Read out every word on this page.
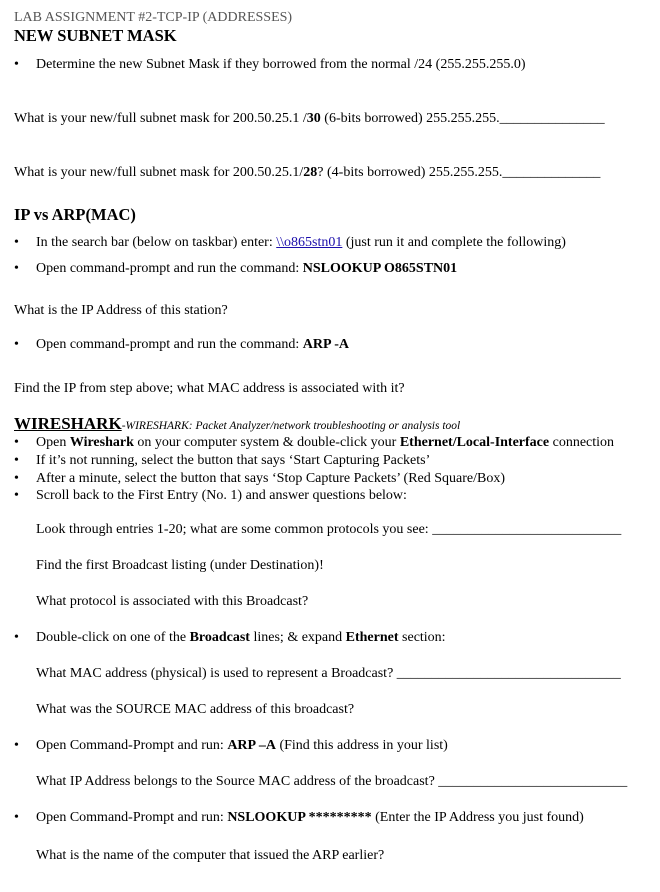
LAB ASSIGNMENT #2-TCP-IP (ADDRESSES)
NEW SUBNET MASK
• Determine the new Subnet Mask if they borrowed from the normal /24 (255.255.255.0)
What is your new/full subnet mask for 200.50.25.1 /30 (6-bits borrowed) 255.255.255._______________
What is your new/full subnet mask for 200.50.25.1/28? (4-bits borrowed) 255.255.255.______________
IP vs ARP(MAC)
• In the search bar (below on taskbar) enter: \\o865stn01 (just run it and complete the following)
• Open command-prompt and run the command: NSLOOKUP O865STN01
What is the IP Address of this station?
• Open command-prompt and run the command: ARP -A
Find the IP from step above; what MAC address is associated with it?
WIRESHARK-WIRESHARK: Packet Analyzer/network troubleshooting or analysis tool
• Open Wireshark on your computer system & double-click your Ethernet/Local-Interface connection
• If it’s not running, select the button that says ‘Start Capturing Packets’
• After a minute, select the button that says ‘Stop Capture Packets’ (Red Square/Box)
• Scroll back to the First Entry (No. 1) and answer questions below:
Look through entries 1-20; what are some common protocols you see: ___________________________
Find the first Broadcast listing (under Destination)!
What protocol is associated with this Broadcast?
• Double-click on one of the Broadcast lines; & expand Ethernet section:
What MAC address (physical) is used to represent a Broadcast? ________________________________
What was the SOURCE MAC address of this broadcast?
• Open Command-Prompt and run: ARP –A (Find this address in your list)
What IP Address belongs to the Source MAC address of the broadcast? ___________________________
• Open Command-Prompt and run: NSLOOKUP ********* (Enter the IP Address you just found)
What is the name of the computer that issued the ARP earlier?
